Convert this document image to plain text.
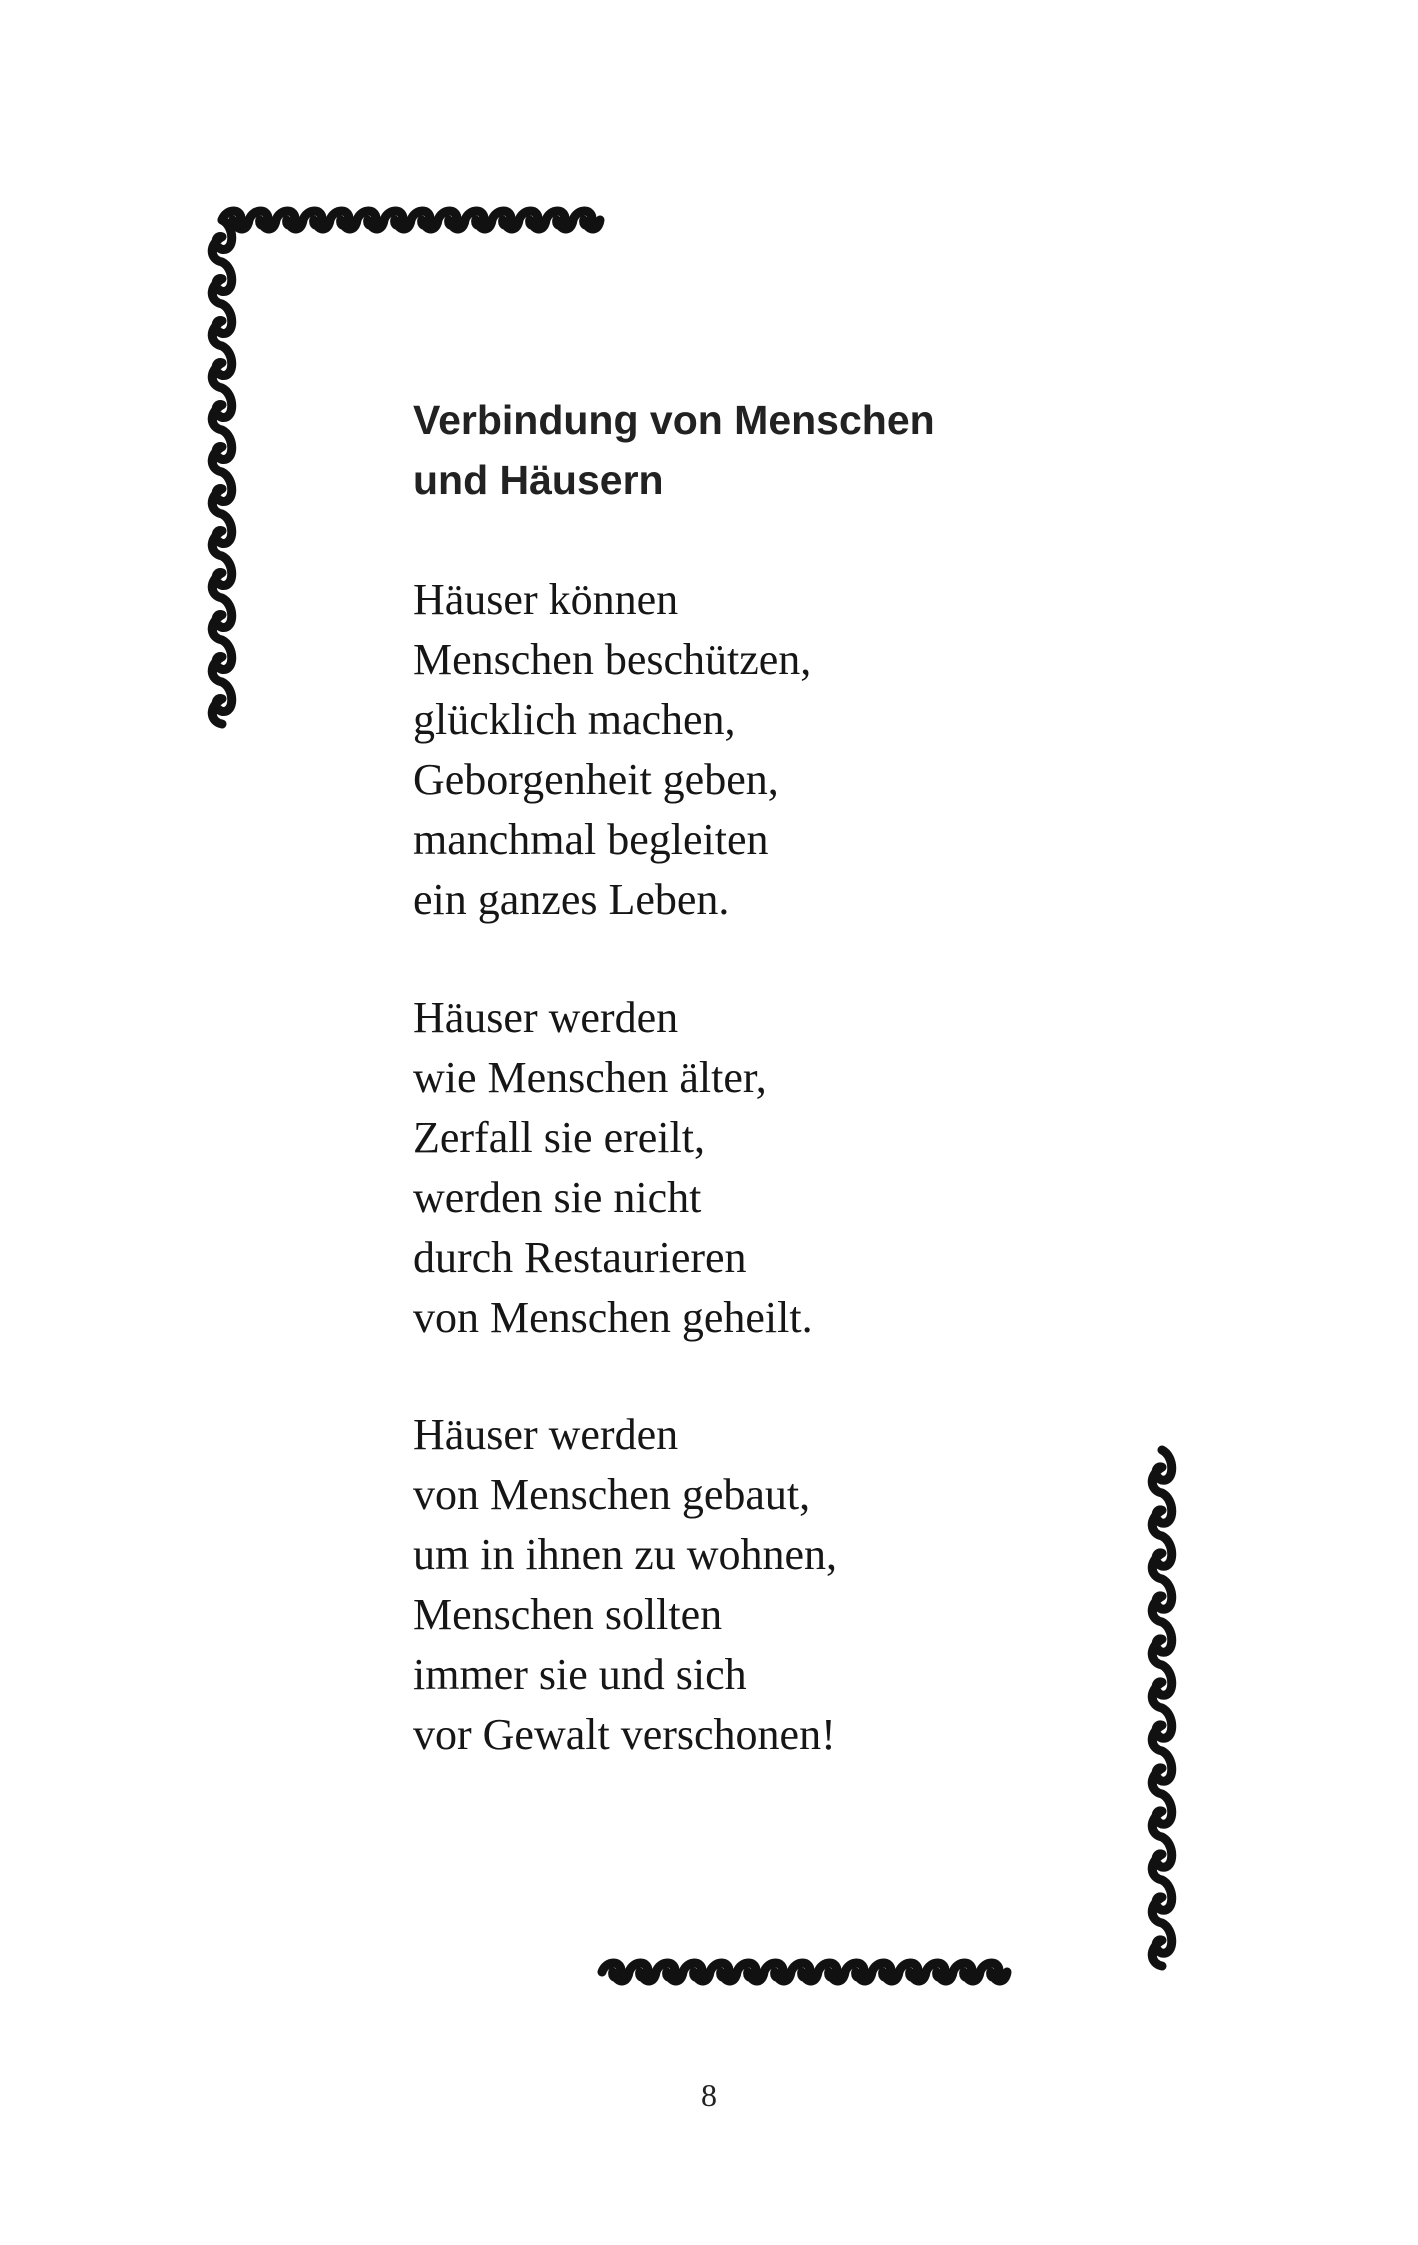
Verbindung von Menschen
und Häusern
Häuser können
Menschen beschützen,
glücklich machen,
Geborgenheit geben,
manchmal begleiten
ein ganzes Leben.
Häuser werden
wie Menschen älter,
Zerfall sie ereilt,
werden sie nicht
durch Restaurieren
von Menschen geheilt.
Häuser werden
von Menschen gebaut,
um in ihnen zu wohnen,
Menschen sollten
immer sie und sich
vor Gewalt verschonen!
8
